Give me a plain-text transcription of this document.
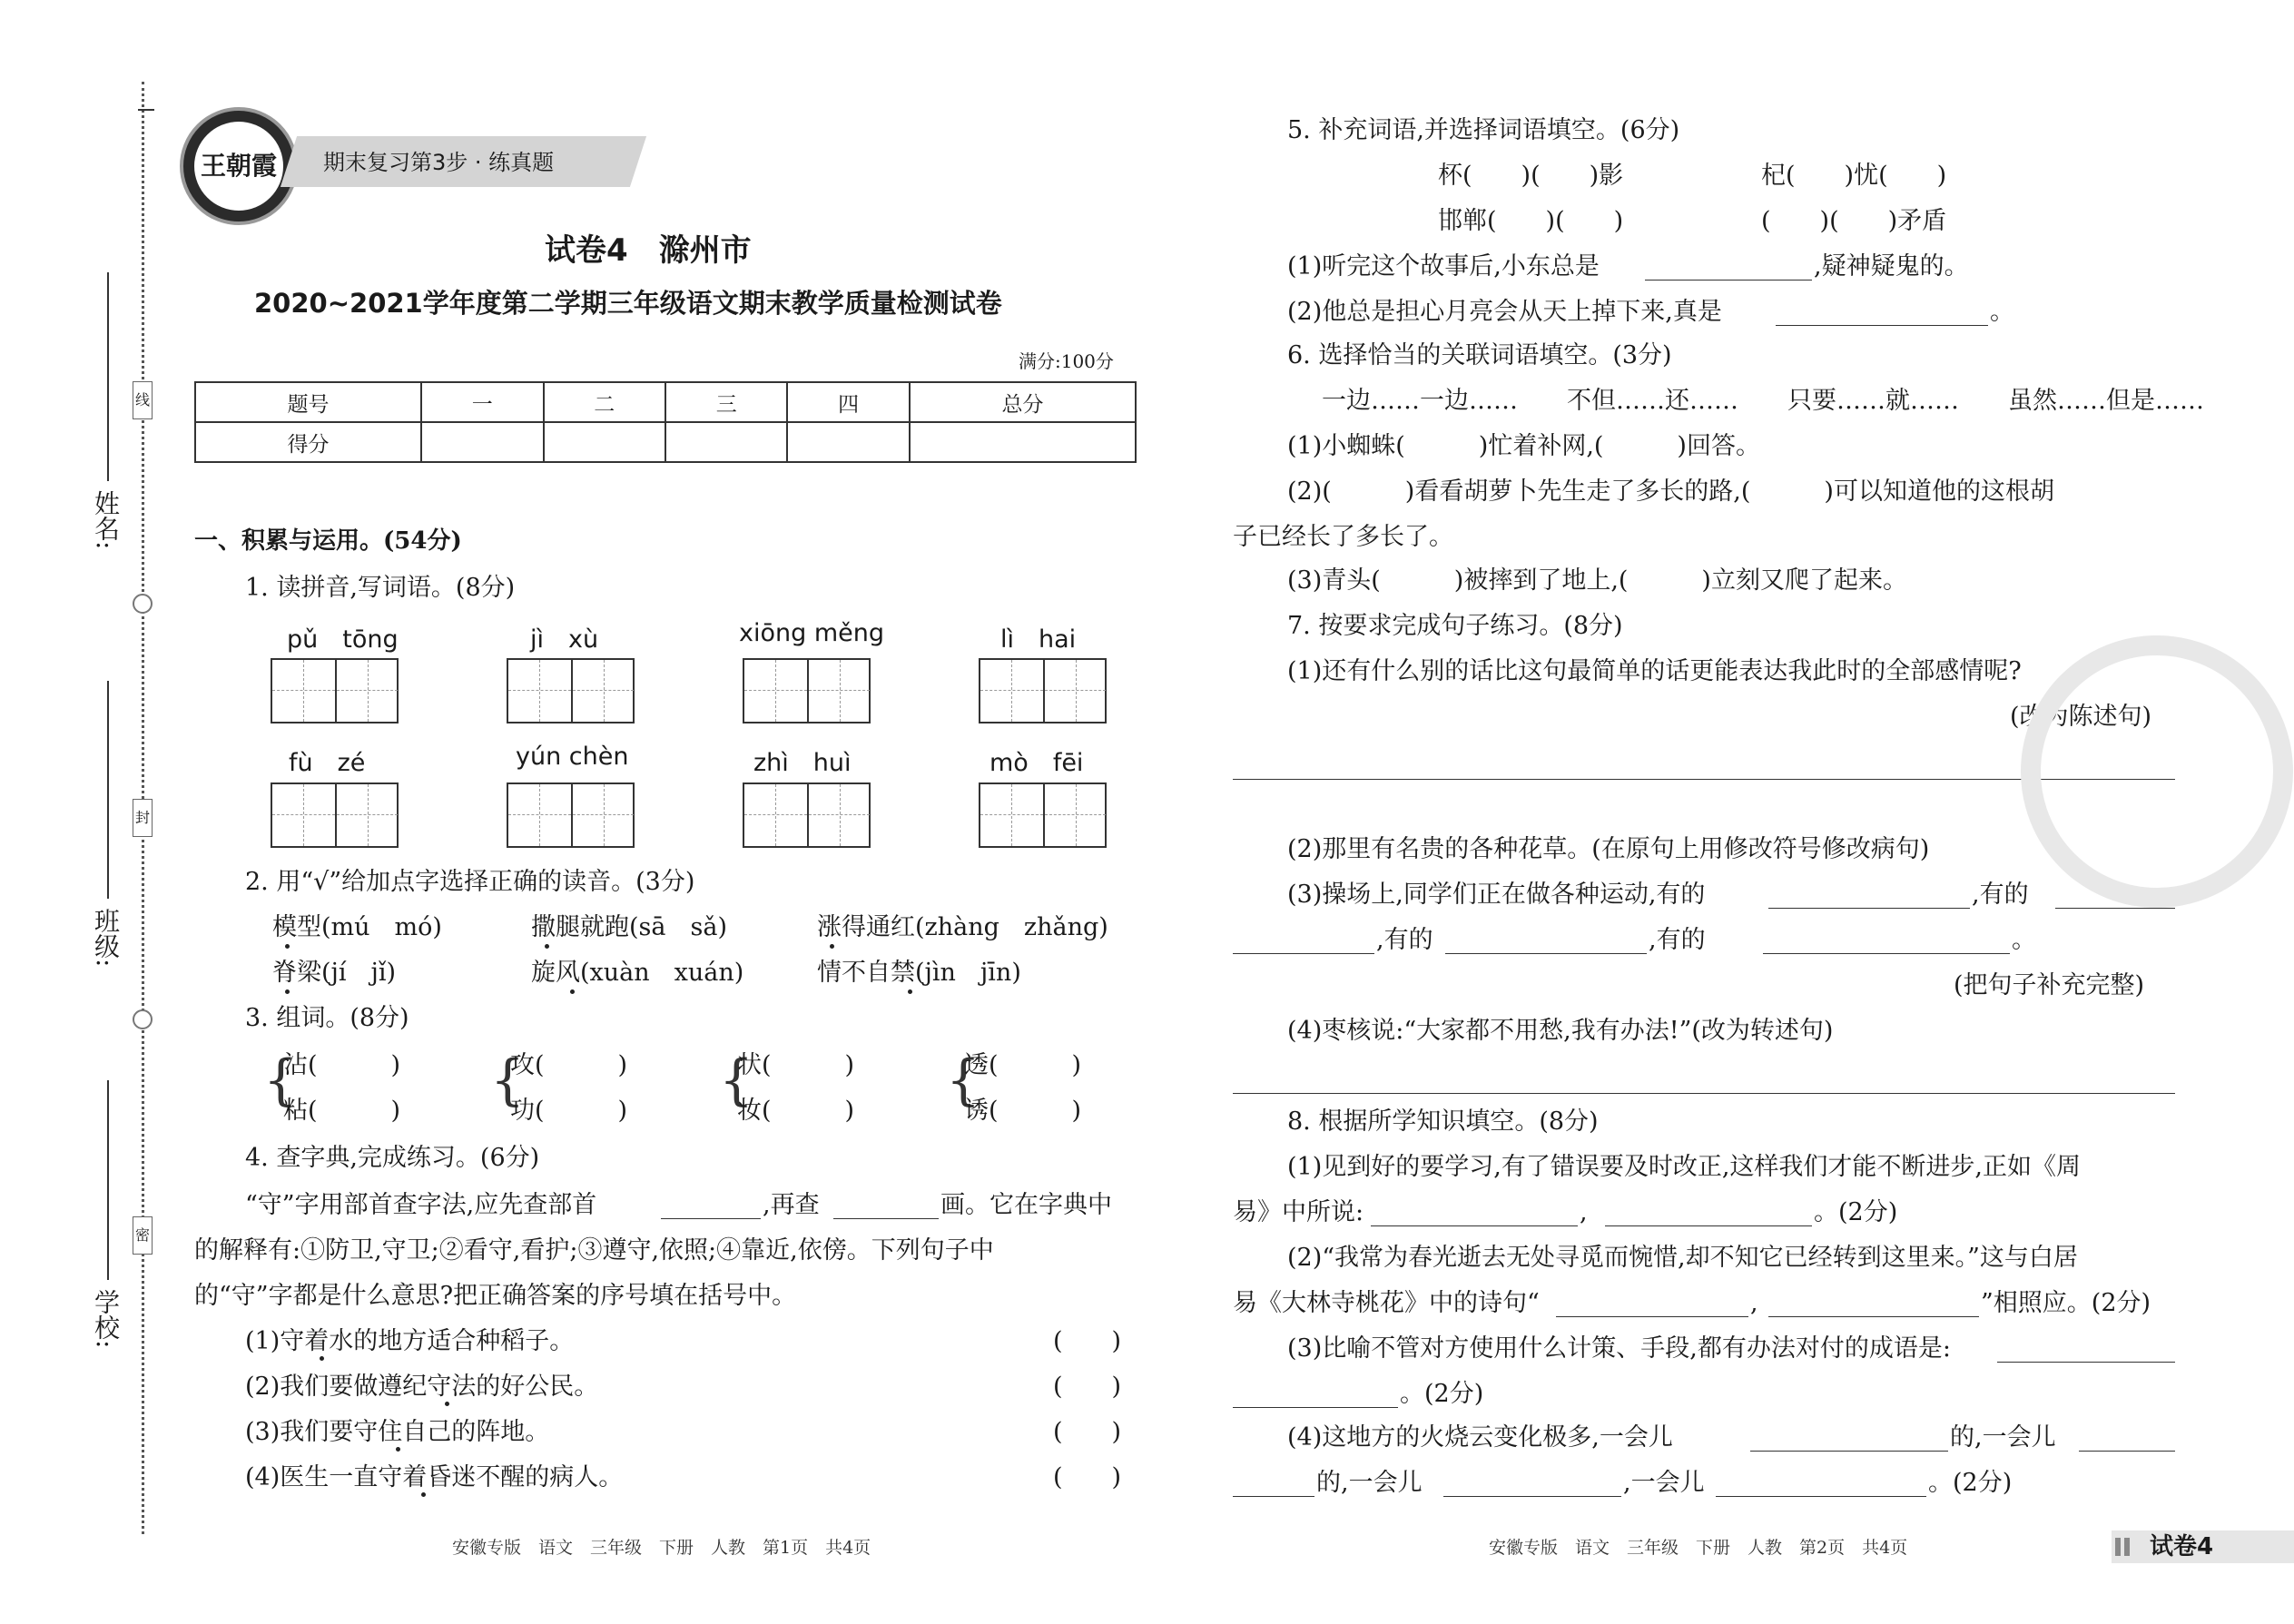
姓名:
班级:
学校:
线
封
密
王朝霞 期末复习第3步 · 练真题
试卷4　滁州市
2020~2021学年度第二学期三年级语文期末教学质量检测试卷
满分:100分
题号	一	二	三	四	总分
得分					
一、积累与运用。(54分)
1. 读拼音,写词语。(8分)
pǔ　tōng	jì　xù	xiōng měng	lì　hai
fù　zé	yún chèn	zhì　huì	mò　fēi
2. 用“√”给加点字选择正确的读音。(3分)
模型(mú　mó)	撒腿就跑(sā　sǎ)	涨得通红(zhàng　zhǎng)
脊梁(jí　jǐ)	旋风(xuàn　xuán)	情不自禁(jìn　jīn)
3. 组词。(8分)
{	{	{	{
沾(　　　)
粘(　　　)
攻(　　　)
功(　　　)
状(　　　)
妆(　　　)
透(　　　)
诱(　　　)
4. 查字典,完成练习。(6分)
“守”字用部首查字法,应先查部首	,再查	画。它在字典中
的解释有:①防卫,守卫;②看守,看护;③遵守,依照;④靠近,依傍。下列句子中
的“守”字都是什么意思?把正确答案的序号填在括号中。
(1)守着水的地方适合种稻子。	(　　)
(2)我们要做遵纪守法的好公民。	(　　)
(3)我们要守住自己的阵地。	(　　)
(4)医生一直守着昏迷不醒的病人。	(　　)
安徽专版　语文　三年级　下册　人教　第1页　共4页
5. 补充词语,并选择词语填空。(6分)
杯(　　)(　　)影	杞(　　)忧(　　)
邯郸(　　)(　　)	(　　)(　　)矛盾
(1)听完这个故事后,小东总是	,疑神疑鬼的。
(2)他总是担心月亮会从天上掉下来,真是	。
6. 选择恰当的关联词语填空。(3分)
一边……一边……　　不但……还……　　只要……就……　　虽然……但是……
(1)小蜘蛛(　　　)忙着补网,(　　　)回答。
(2)(　　　)看看胡萝卜先生走了多长的路,(　　　)可以知道他的这根胡
子已经长了多长了。
(3)青头(　　　)被摔到了地上,(　　　)立刻又爬了起来。
7. 按要求完成句子练习。(8分)
(1)还有什么别的话比这句最简单的话更能表达我此时的全部感情呢?
(改为陈述句)
(2)那里有名贵的各种花草。(在原句上用修改符号修改病句)
(3)操场上,同学们正在做各种运动,有的	,有的
,有的	,有的	。
(把句子补充完整)
(4)枣核说:“大家都不用愁,我有办法!”(改为转述句)
8. 根据所学知识填空。(8分)
(1)见到好的要学习,有了错误要及时改正,这样我们才能不断进步,正如《周
易》中所说:	,	。(2分)
(2)“我常为春光逝去无处寻觅而惋惜,却不知它已经转到这里来。”这与白居
易《大林寺桃花》中的诗句“	,	”相照应。(2分)
(3)比喻不管对方使用什么计策、手段,都有办法对付的成语是:
。(2分)
(4)这地方的火烧云变化极多,一会儿	的,一会儿
的,一会儿	,一会儿	。(2分)
安徽专版　语文　三年级　下册　人教　第2页　共4页	试卷4
